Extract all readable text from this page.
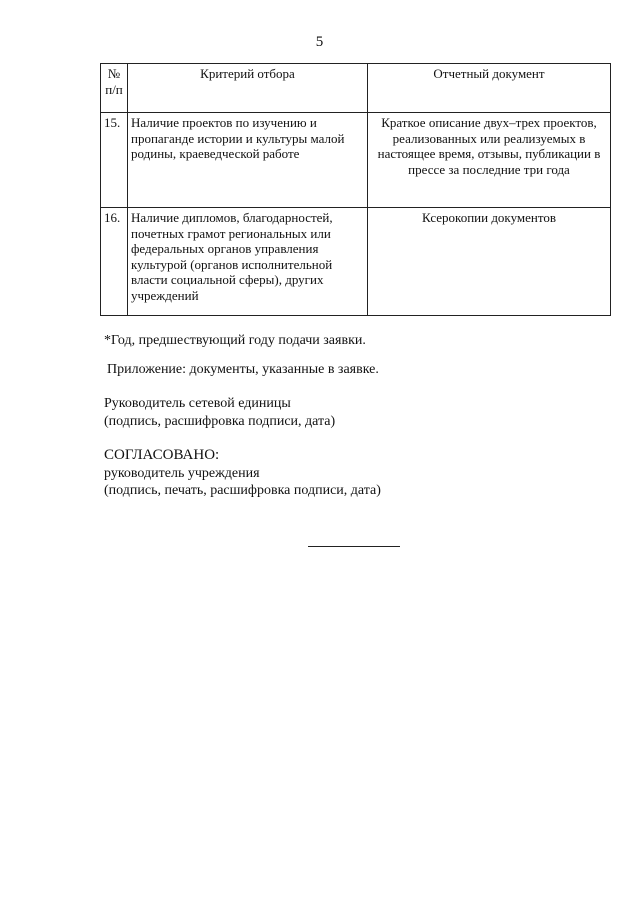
5
№ п/п	Критерий отбора	Отчетный документ
15.	Наличие проектов по изучению и пропаганде истории и культуры малой родины, краеведческой работе	Краткое описание двух–трех проектов, реализованных или реализуемых в настоящее время, отзывы, публикации в прессе за последние три года
16.	Наличие дипломов, благодарностей, почетных грамот региональных или федеральных органов управления культурой (органов исполнительной власти социальной сферы), других учреждений	Ксерокопии документов
*Год, предшествующий году подачи заявки.
Приложение: документы, указанные в заявке.
Руководитель сетевой единицы
(подпись, расшифровка подписи, дата)
СОГЛАСОВАНО:
руководитель учреждения
(подпись, печать, расшифровка подписи, дата)
